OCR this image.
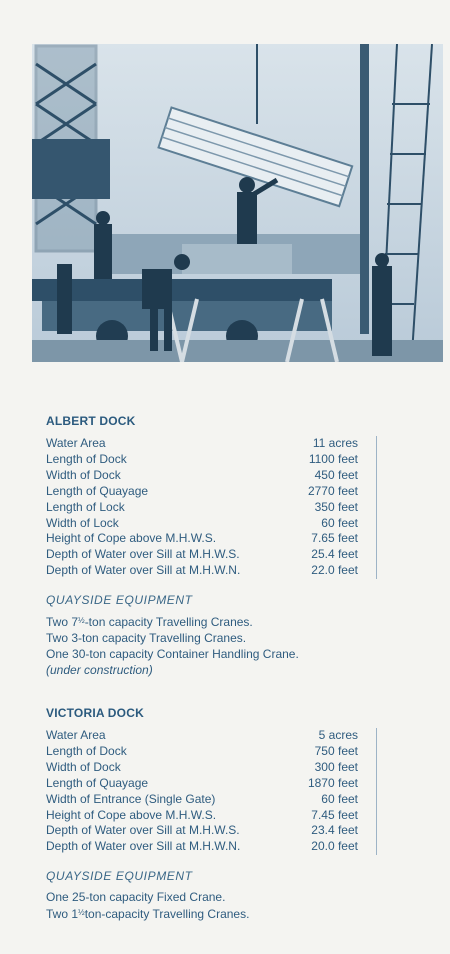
ALBERT DOCK
Water Area	11 acres
Length of Dock	1100 feet
Width of Dock	450 feet
Length of Quayage	2770 feet
Length of Lock	350 feet
Width of Lock	60 feet
Height of Cope above M.H.W.S.	7.65 feet
Depth of Water over Sill at M.H.W.S.	25.4 feet
Depth of Water over Sill at M.H.W.N.	22.0 feet
QUAYSIDE EQUIPMENT
Two $7^{\frac{1}{2}}$-ton capacity Travelling Cranes.
Two 3-ton capacity Travelling Cranes.
One 30-ton capacity Container Handling Crane.
(under construction)
VICTORIA DOCK
Water Area	5 acres
Length of Dock	750 feet
Width of Dock	300 feet
Length of Quayage	1870 feet
Width of Entrance (Single Gate)	60 feet
Height of Cope above M.H.W.S.	7.45 feet
Depth of Water over Sill at M.H.W.S.	23.4 feet
Depth of Water over Sill at M.H.W.N.	20.0 feet
QUAYSIDE EQUIPMENT
One 25-ton capacity Fixed Crane.
Two $1^{\frac{1}{2}}ton$-capacity Travelling Cranes.
